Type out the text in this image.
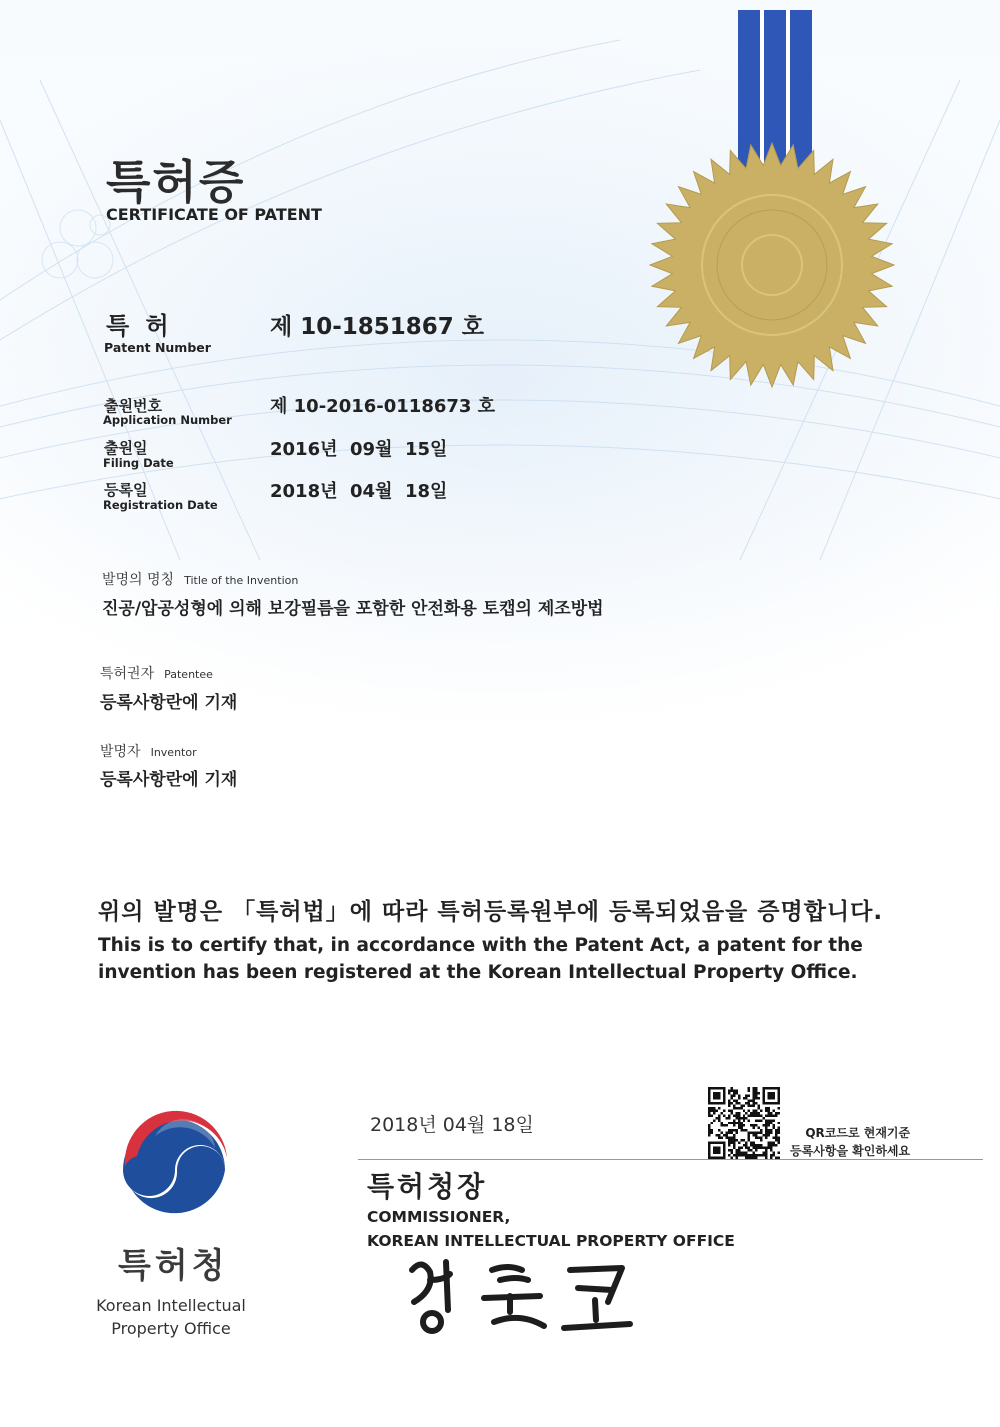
특허증
CERTIFICATE OF PATENT
특 허
Patent Number
제 10-1851867 호
출원번호
Application Number
제 10-2016-0118673 호
출원일
Filing Date
2016년  09월  15일
등록일
Registration Date
2018년  04월  18일
발명의 명칭 Title of the Invention
진공/압공성형에 의해 보강필름을 포함한 안전화용 토캡의 제조방법
특허권자 Patentee
등록사항란에 기재
발명자 Inventor
등록사항란에 기재
위의 발명은 「특허법」에 따라 특허등록원부에 등록되었음을 증명합니다.
This is to certify that, in accordance with the Patent Act, a patent for the invention has been registered at the Korean Intellectual Property Office.
특허청
Korean Intellectual Property Office
2018년 04월 18일	QR코드로 현재기준
등록사항을 확인하세요
특허청장
COMMISSIONER,
KOREAN INTELLECTUAL PROPERTY OFFICE
